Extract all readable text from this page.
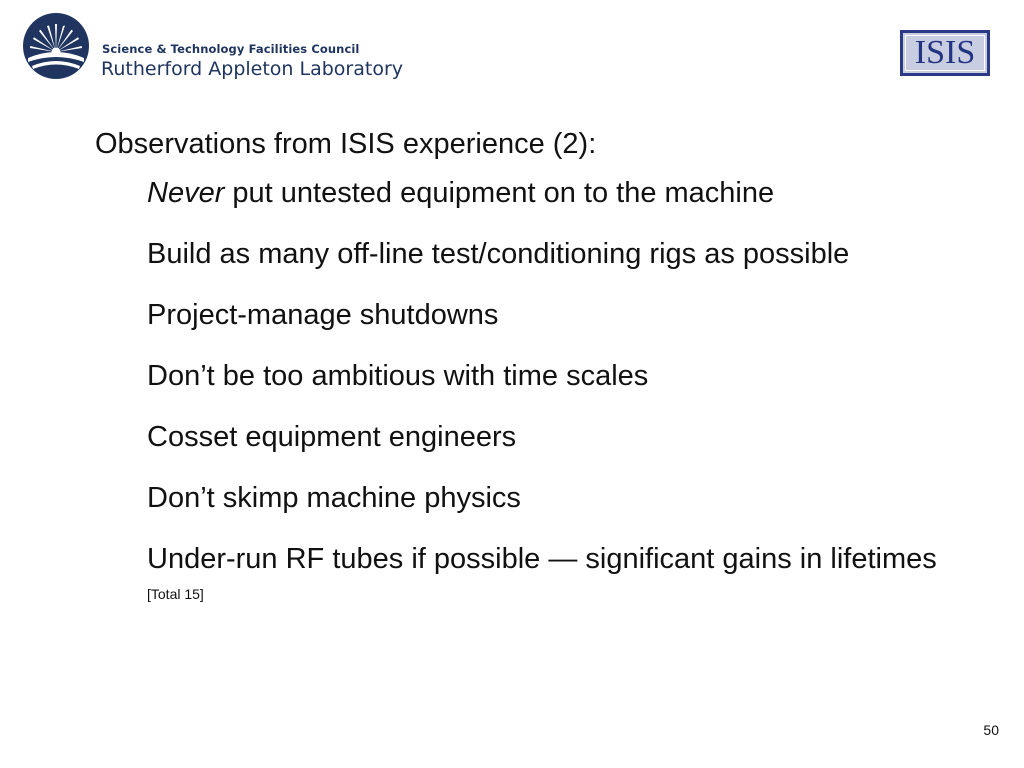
Science & Technology Facilities Council
Rutherford Appleton Laboratory	ISIS
Observations from ISIS experience (2):
Never put untested equipment on to the machine
Build as many off-line test/conditioning rigs as possible
Project-manage shutdowns
Don’t be too ambitious with time scales
Cosset equipment engineers
Don’t skimp machine physics
Under-run RF tubes if possible — significant gains in lifetimes
[Total 15]
50
